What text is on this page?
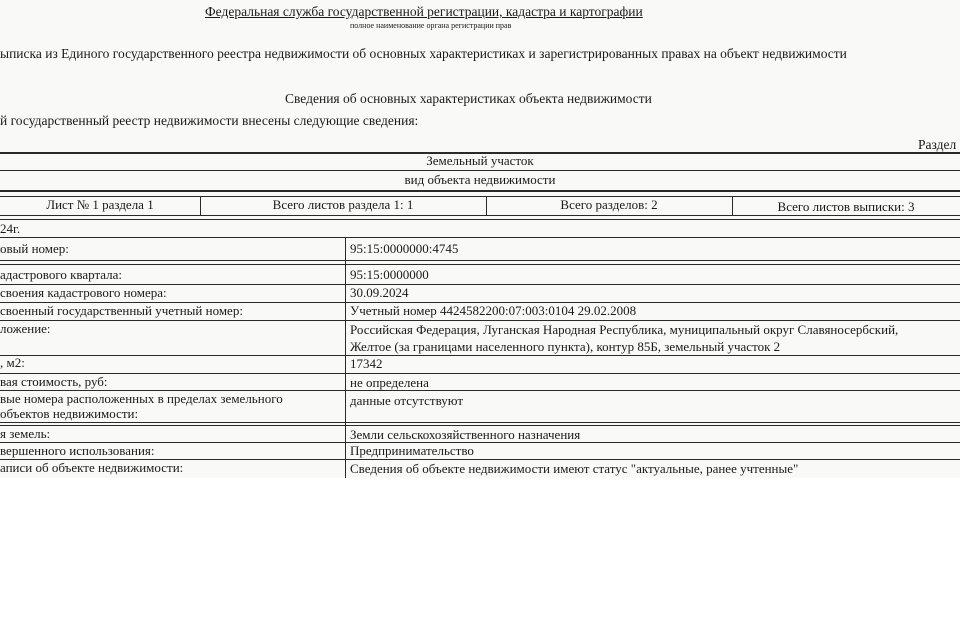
Федеральная служба государственной регистрации, кадастра и картографии
полное наименование органа регистрации прав
ыписка из Единого государственного реестра недвижимости об основных характеристиках и зарегистрированных правах на объект недвижимости
Сведения об основных характеристиках объекта недвижимости
й государственный реестр недвижимости внесены следующие сведения:
Раздел
Земельный участок
вид объекта недвижимости
Лист № 1 раздела 1	Всего листов раздела 1: 1	Всего разделов: 2	Всего листов выписки: 3
24г.
овый номер:	95:15:0000000:4745
адастрового квартала:	95:15:0000000
своения кадастрового номера:	30.09.2024
своенный государственный учетный номер:	Учетный номер 4424582200:07:003:0104 29.02.2008
ложение:	Российская Федерация, Луганская Народная Республика, муниципальный округ Славяносербский,
Желтое (за границами населенного пункта), контур 85Б, земельный участок 2
, м2:	17342
вая стоимость, руб:	не определена
вые номера расположенных в пределах земельного
объектов недвижимости:
данные отсутствуют
я земель:	Земли сельскохозяйственного назначения
вершенного использования:	Предпринимательство
аписи об объекте недвижимости:	Сведения об объекте недвижимости имеют статус "актуальные, ранее учтенные"
